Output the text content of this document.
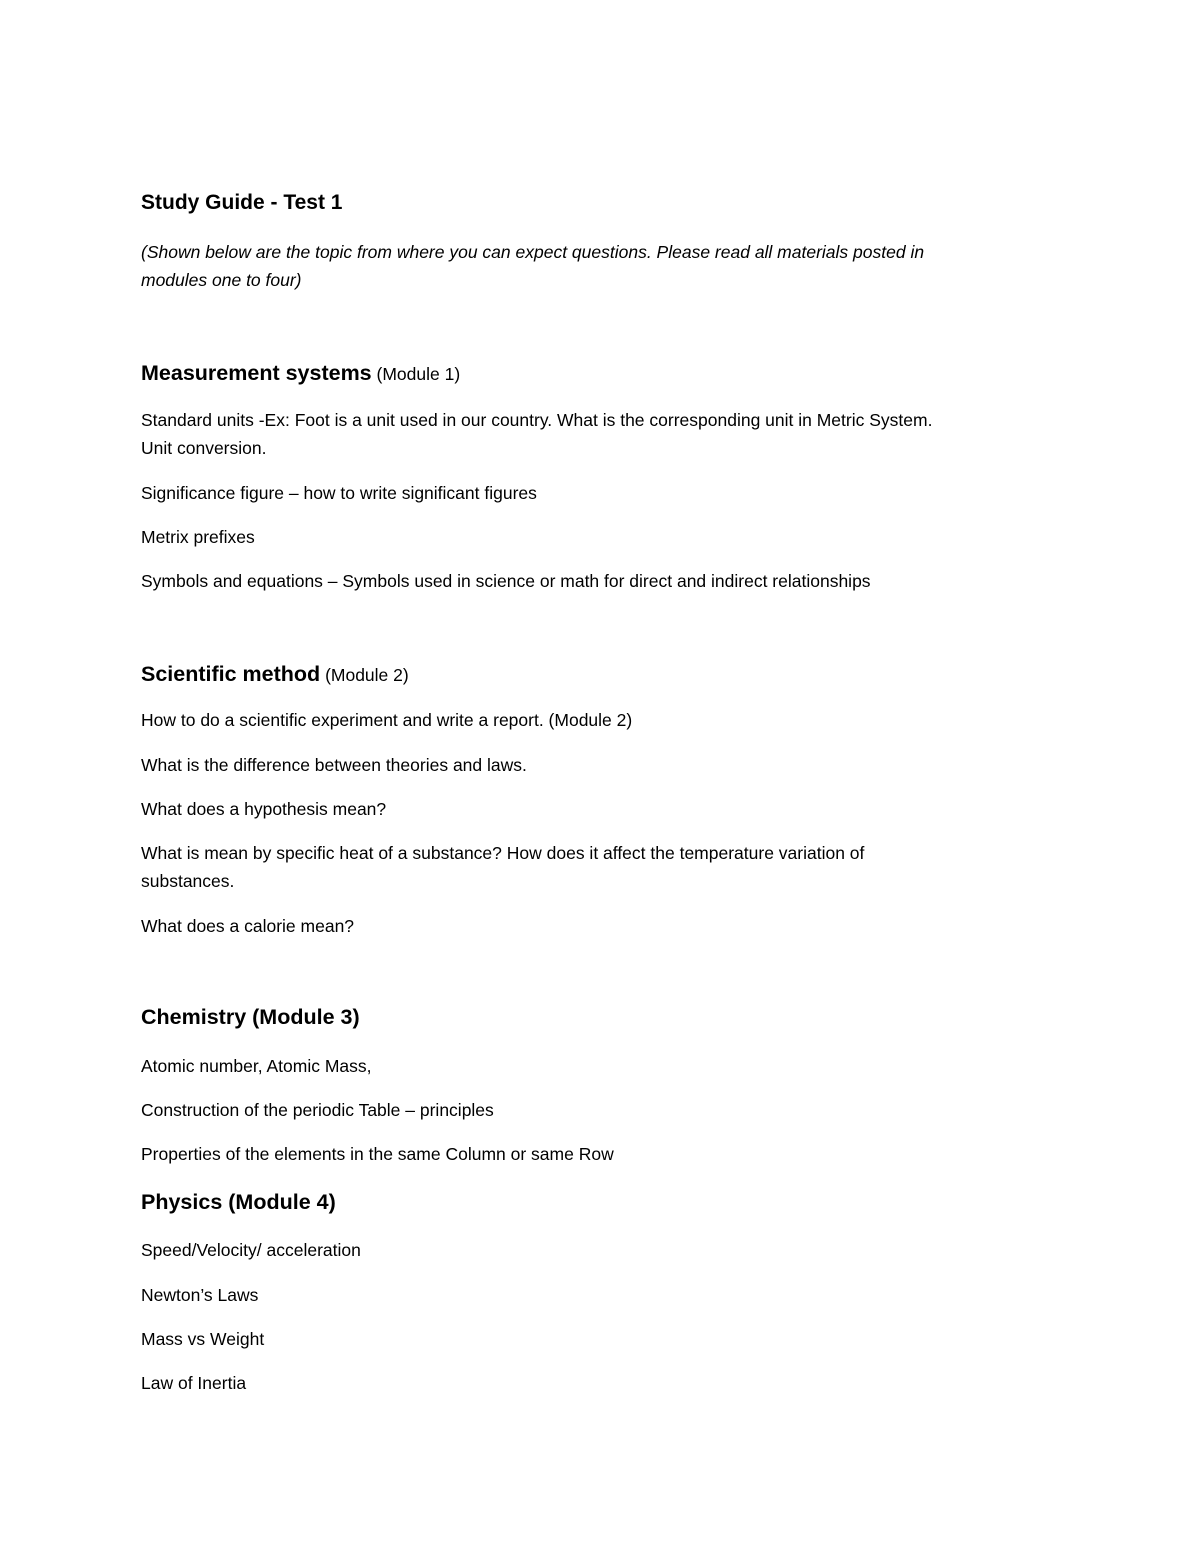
Study Guide - Test 1
(Shown below are the topic from where you can expect questions. Please read all materials posted in
modules one to four)
Measurement systems (Module 1)
Standard units -Ex: Foot is a unit used in our country. What is the corresponding unit in Metric System.
Unit conversion.
Significance figure – how to write significant figures
Metrix prefixes
Symbols and equations – Symbols used in science or math for direct and indirect relationships
Scientific method (Module 2)
How to do a scientific experiment and write a report. (Module 2)
What is the difference between theories and laws.
What does a hypothesis mean?
What is mean by specific heat of a substance? How does it affect the temperature variation of
substances.
What does a calorie mean?
Chemistry (Module 3)
Atomic number, Atomic Mass,
Construction of the periodic Table – principles
Properties of the elements in the same Column or same Row
Physics (Module 4)
Speed/Velocity/ acceleration
Newton’s Laws
Mass vs Weight
Law of Inertia
